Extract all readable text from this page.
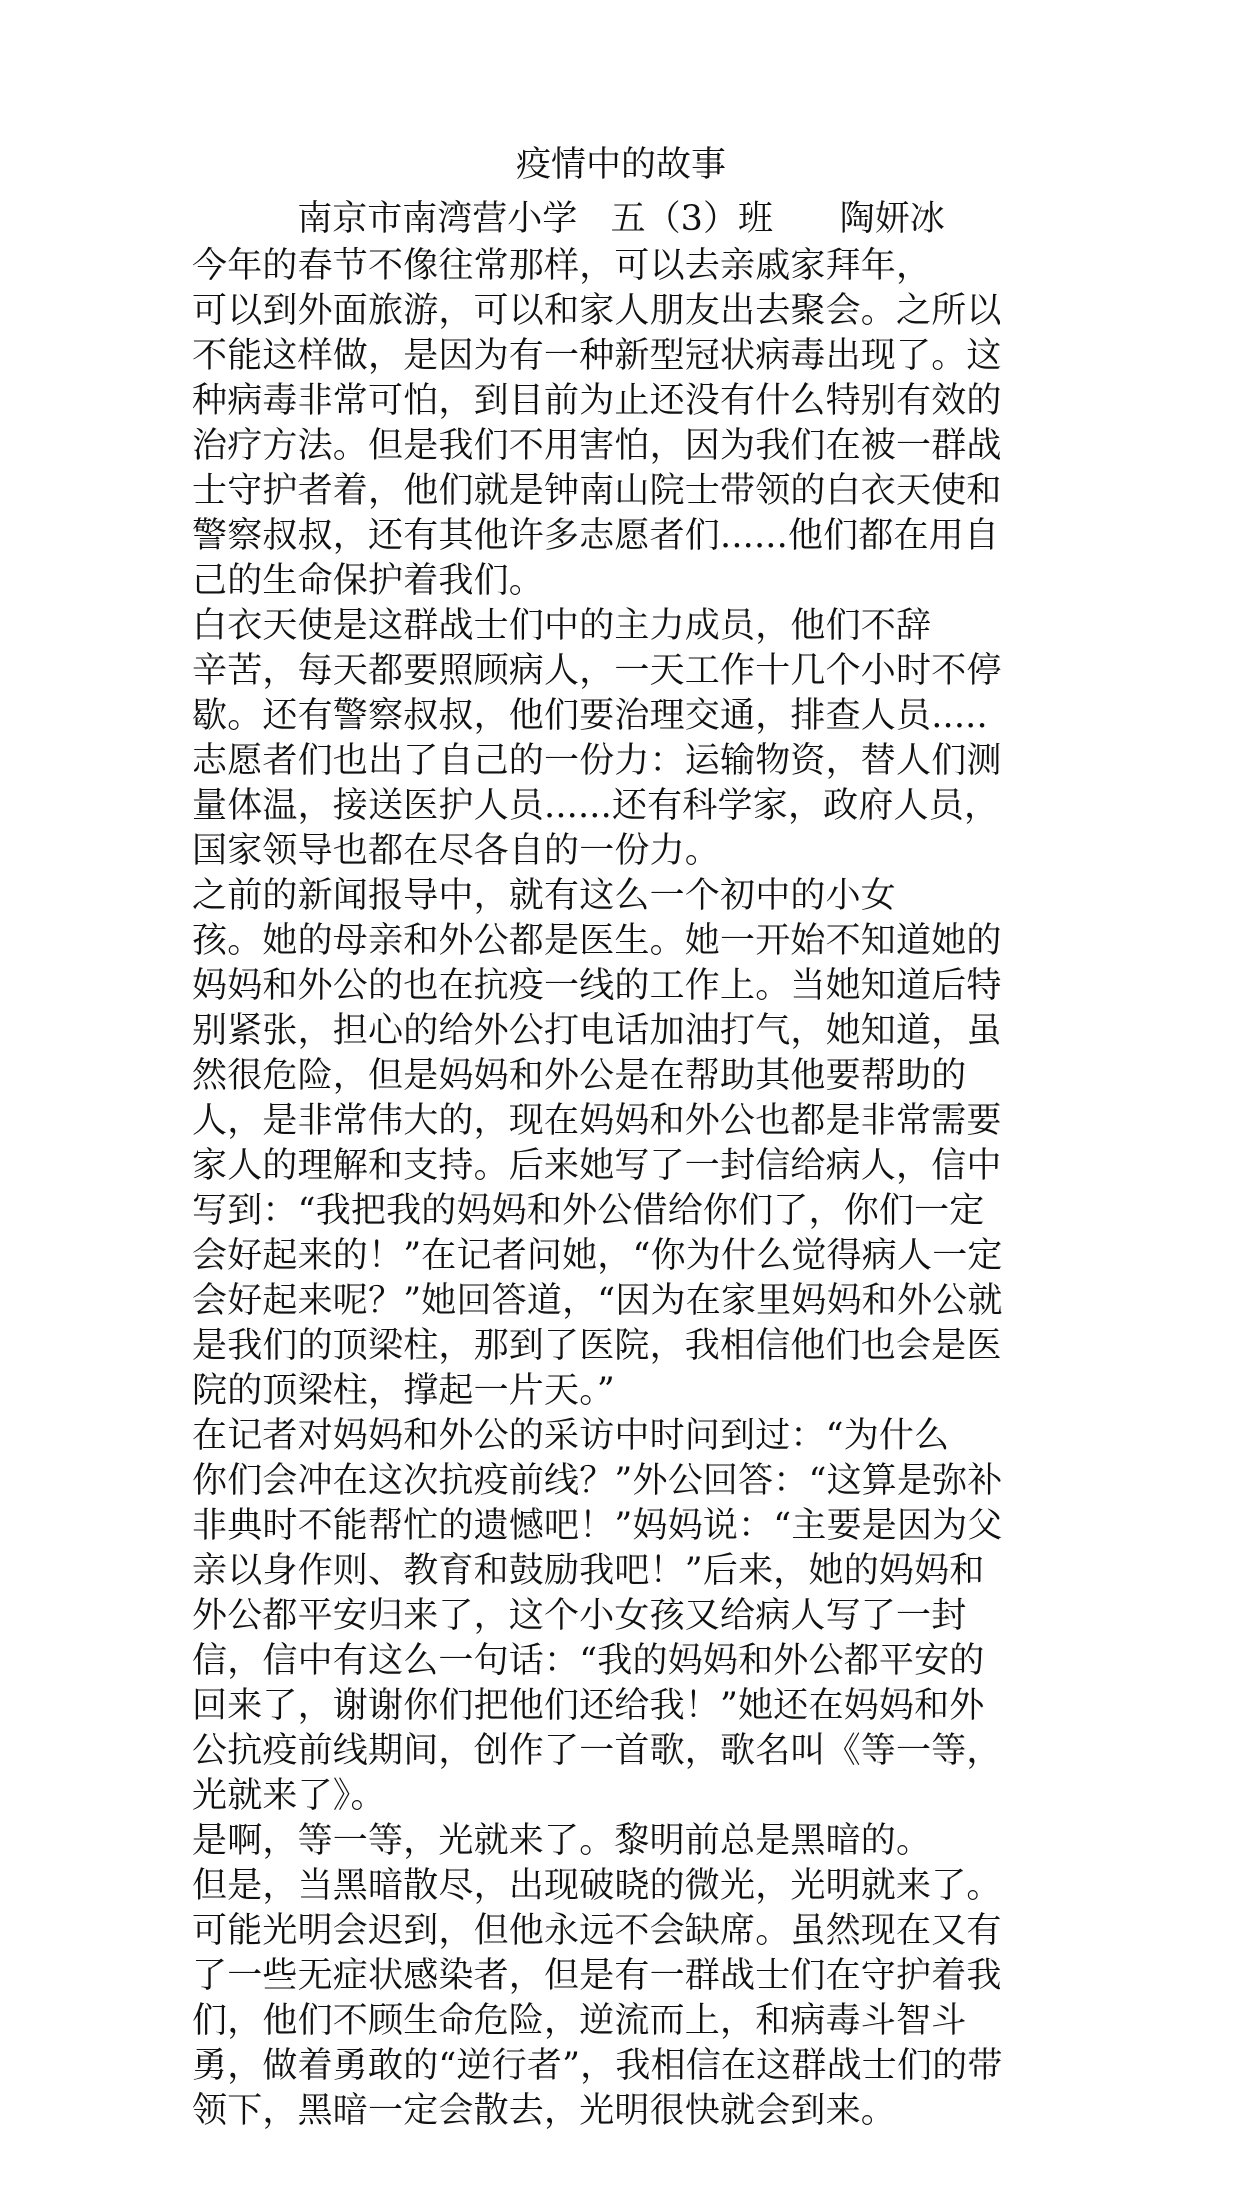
疫情中的故事
南京市南湾营小学   五（3）班      陶妍冰
今年的春节不像往常那样，可以去亲戚家拜年，
可以到外面旅游，可以和家人朋友出去聚会。之所以
不能这样做，是因为有一种新型冠状病毒出现了。这
种病毒非常可怕，到目前为止还没有什么特别有效的
治疗方法。但是我们不用害怕，因为我们在被一群战
士守护者着，他们就是钟南山院士带领的白衣天使和
警察叔叔，还有其他许多志愿者们......他们都在用自
己的生命保护着我们。
白衣天使是这群战士们中的主力成员，他们不辞
辛苦，每天都要照顾病人，一天工作十几个小时不停
歇。还有警察叔叔，他们要治理交通，排查人员.....
志愿者们也出了自己的一份力：运输物资，替人们测
量体温，接送医护人员......还有科学家，政府人员，
国家领导也都在尽各自的一份力。
之前的新闻报导中，就有这么一个初中的小女
孩。她的母亲和外公都是医生。她一开始不知道她的
妈妈和外公的也在抗疫一线的工作上。当她知道后特
别紧张，担心的给外公打电话加油打气，她知道，虽
然很危险，但是妈妈和外公是在帮助其他要帮助的
人，是非常伟大的，现在妈妈和外公也都是非常需要
家人的理解和支持。后来她写了一封信给病人，信中
写到：“我把我的妈妈和外公借给你们了，你们一定
会好起来的！”在记者问她，“你为什么觉得病人一定
会好起来呢？”她回答道，“因为在家里妈妈和外公就
是我们的顶梁柱，那到了医院，我相信他们也会是医
院的顶梁柱，撑起一片天。”
在记者对妈妈和外公的采访中时问到过：“为什么
你们会冲在这次抗疫前线？”外公回答：“这算是弥补
非典时不能帮忙的遗憾吧！”妈妈说：“主要是因为父
亲以身作则、教育和鼓励我吧！”后来，她的妈妈和
外公都平安归来了，这个小女孩又给病人写了一封
信，信中有这么一句话：“我的妈妈和外公都平安的
回来了，谢谢你们把他们还给我！”她还在妈妈和外
公抗疫前线期间，创作了一首歌，歌名叫《等一等，
光就来了》。
是啊，等一等，光就来了。黎明前总是黑暗的。
但是，当黑暗散尽，出现破晓的微光，光明就来了。
可能光明会迟到，但他永远不会缺席。虽然现在又有
了一些无症状感染者，但是有一群战士们在守护着我
们，他们不顾生命危险，逆流而上，和病毒斗智斗
勇，做着勇敢的“逆行者”，我相信在这群战士们的带
领下，黑暗一定会散去，光明很快就会到来。
